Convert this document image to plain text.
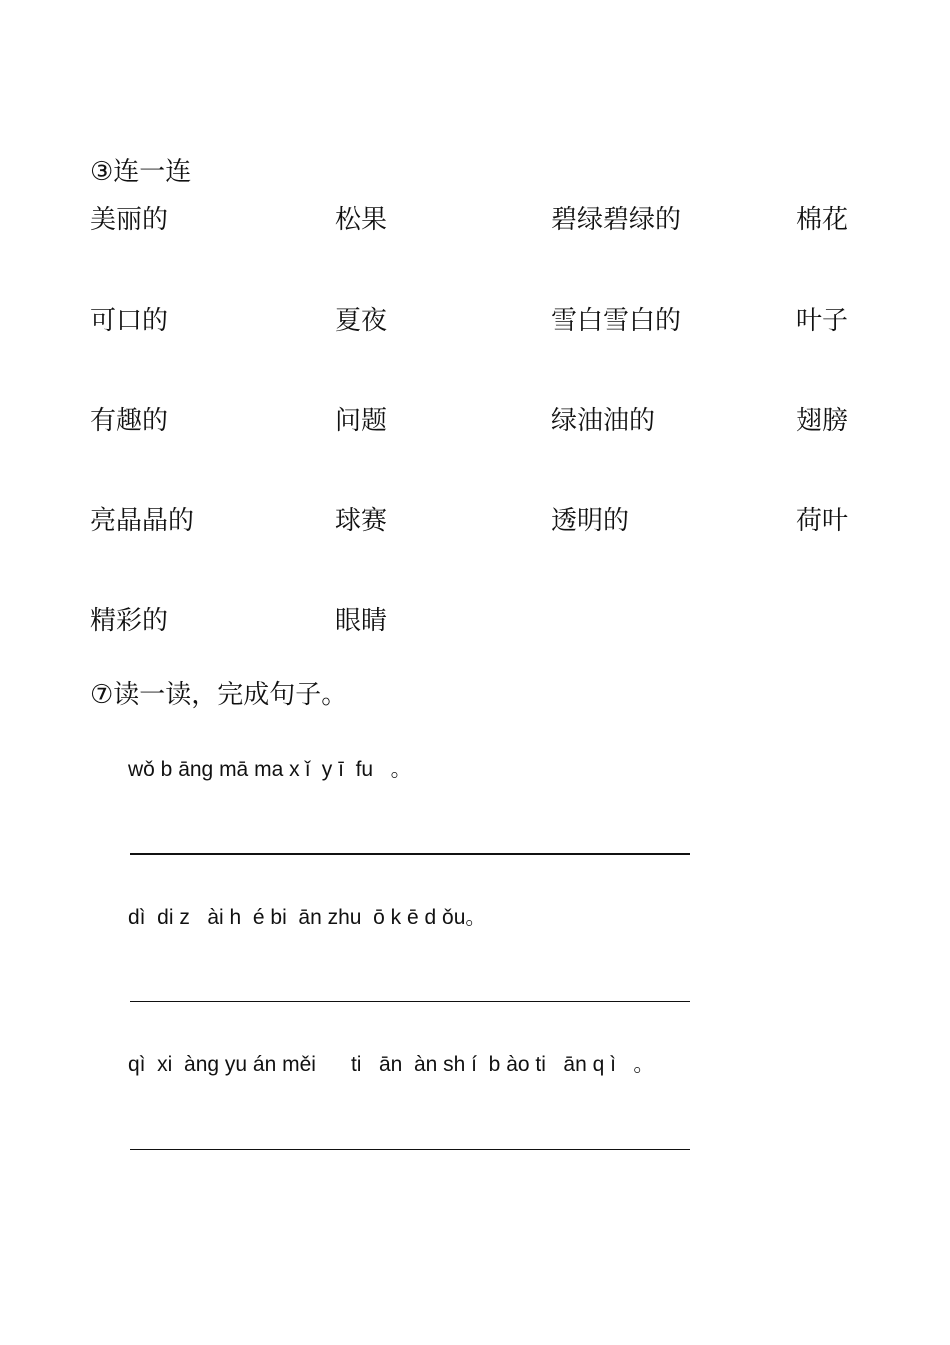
③连一连
美丽的
可口的
有趣的
亮晶晶的
精彩的
松果
夏夜
问题
球赛
眼睛
碧绿碧绿的
雪白雪白的
绿油油的
透明的
棉花
叶子
翅膀
荷叶
⑦读一读，完成句子。
wǒ b āng mā ma x ǐ  y ī  fu   。
dì  di z   ài h  é bi  ān zhu  ō k ē d ǒu。
qì  xi  àng yu án měi      ti   ān  àn sh í  b ào ti   ān q ì   。
